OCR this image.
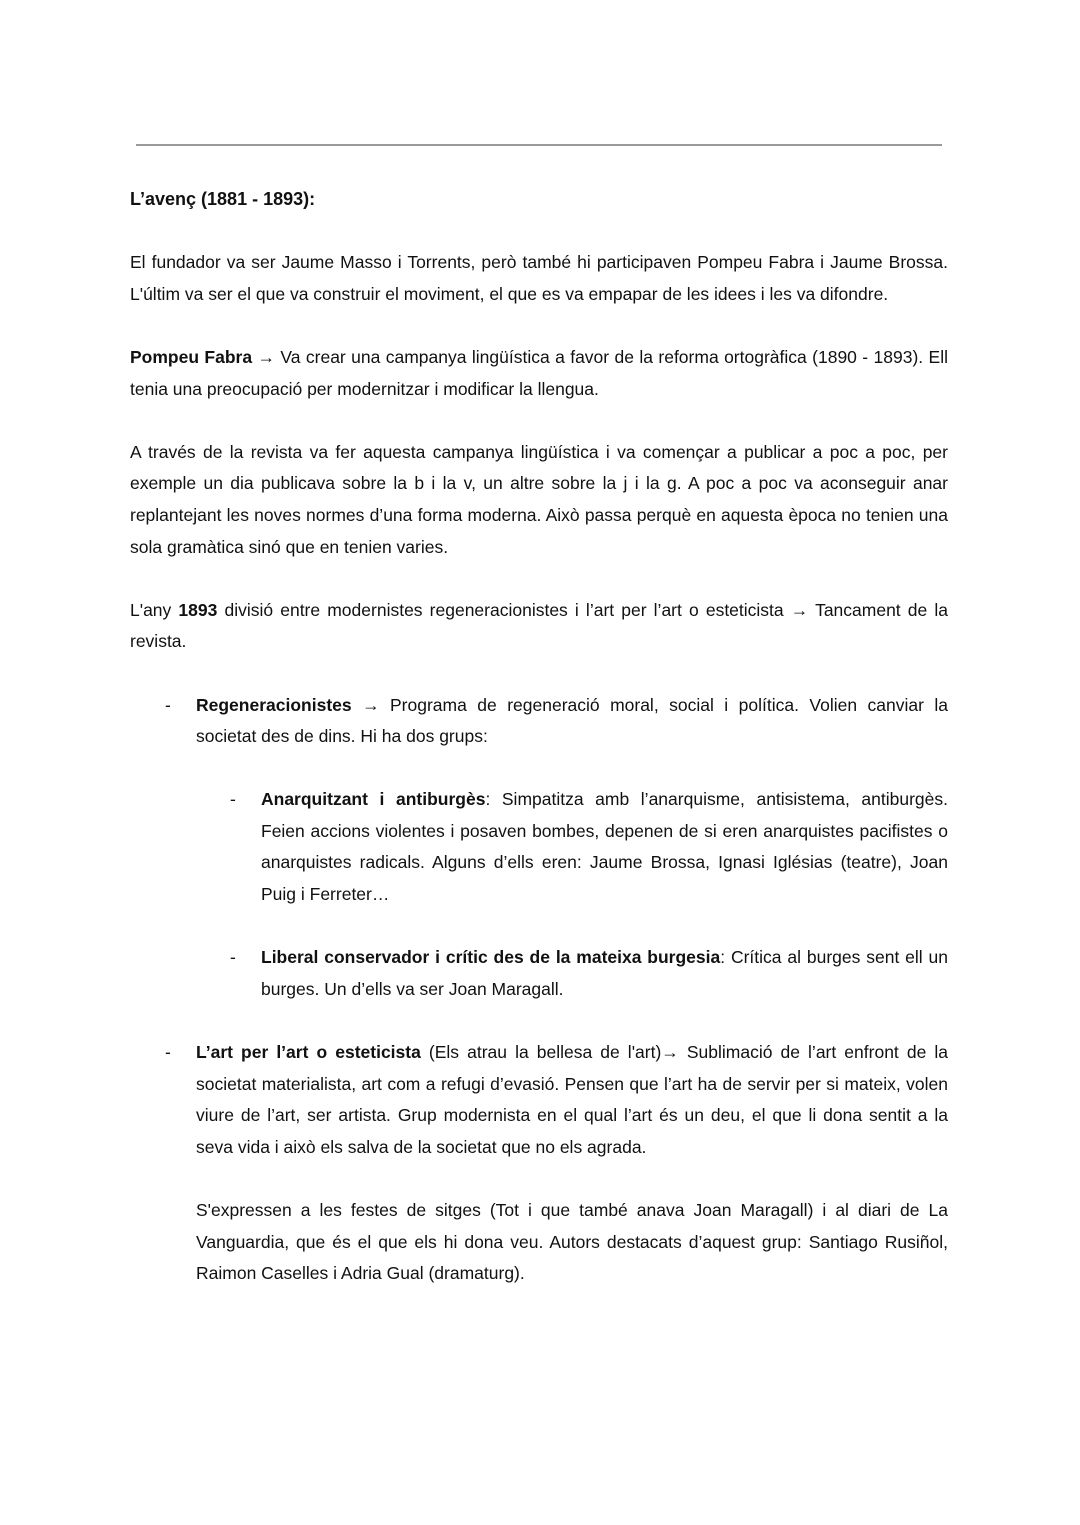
L’avenç (1881 - 1893):

El fundador va ser Jaume Masso i Torrents, però també hi participaven Pompeu Fabra i Jaume Brossa. L'últim va ser el que va construir el moviment, el que es va empapar de les idees i les va difondre.

Pompeu Fabra → Va crear una campanya lingüística a favor de la reforma ortogràfica (1890 - 1893). Ell tenia una preocupació per modernitzar i modificar la llengua.

A través de la revista va fer aquesta campanya lingüística i va començar a publicar a poc a poc, per exemple un dia publicava sobre la b i la v, un altre sobre la j i la g. A poc a poc va aconseguir anar replantejant les noves normes d’una forma moderna. Això passa perquè en aquesta època no tenien una sola gramàtica sinó que en tenien varies.

L'any 1893 divisió entre modernistes regeneracionistes i l’art per l’art o esteticista → Tancament de la revista.

- Regeneracionistes → Programa de regeneració moral, social i política. Volien canviar la societat des de dins. Hi ha dos grups:
- Anarquitzant i antiburgès: Simpatitza amb l’anarquisme, antisistema, antiburgès. Feien accions violentes i posaven bombes, depenen de si eren anarquistes pacifistes o anarquistes radicals. Alguns d’ells eren: Jaume Brossa, Ignasi Iglésias (teatre), Joan Puig i Ferreter…
- Liberal conservador i crític des de la mateixa burgesia: Crítica al burges sent ell un burges. Un d’ells va ser Joan Maragall.
- L’art per l’art o esteticista (Els atrau la bellesa de l'art)→ Sublimació de l’art enfront de la societat materialista, art com a refugi d’evasió. Pensen que l’art ha de servir per si mateix, volen viure de l’art, ser artista. Grup modernista en el qual l’art és un deu, el que li dona sentit a la seva vida i això els salva de la societat que no els agrada.

S'expressen a les festes de sitges (Tot i que també anava Joan Maragall) i al diari de La Vanguardia, que és el que els hi dona veu. Autors destacats d’aquest grup: Santiago Rusiñol, Raimon Caselles i Adria Gual (dramaturg).
